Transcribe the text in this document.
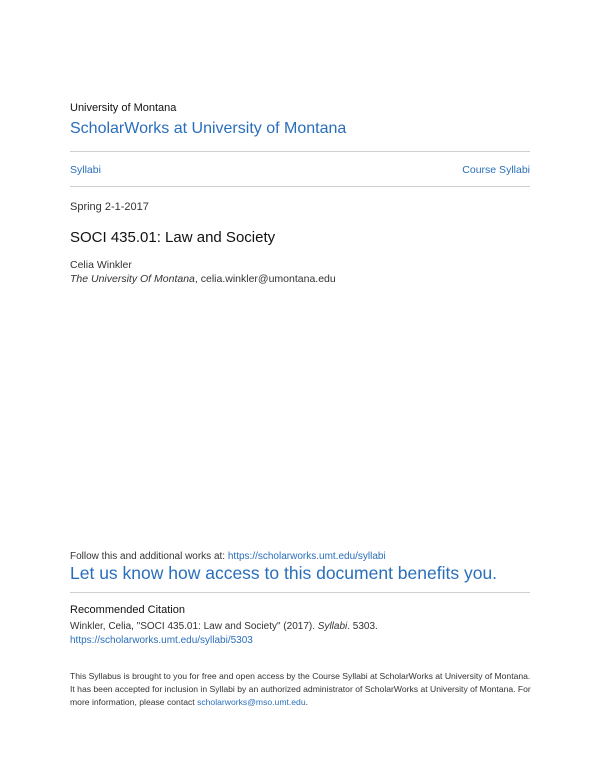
University of Montana
ScholarWorks at University of Montana
Syllabi	Course Syllabi
Spring 2-1-2017
SOCI 435.01: Law and Society
Celia Winkler
The University Of Montana, celia.winkler@umontana.edu
Follow this and additional works at: https://scholarworks.umt.edu/syllabi
Let us know how access to this document benefits you.
Recommended Citation
Winkler, Celia, "SOCI 435.01: Law and Society" (2017). Syllabi. 5303.
https://scholarworks.umt.edu/syllabi/5303
This Syllabus is brought to you for free and open access by the Course Syllabi at ScholarWorks at University of Montana. It has been accepted for inclusion in Syllabi by an authorized administrator of ScholarWorks at University of Montana. For more information, please contact scholarworks@mso.umt.edu.
